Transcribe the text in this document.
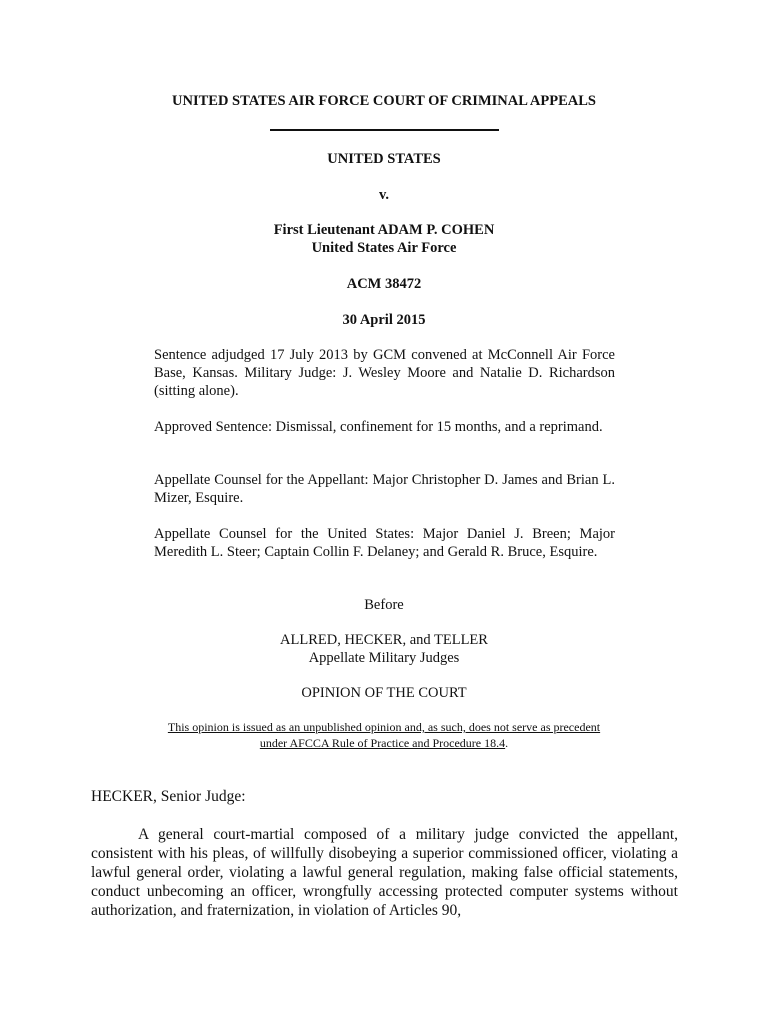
UNITED STATES AIR FORCE COURT OF CRIMINAL APPEALS
UNITED STATES
v.
First Lieutenant ADAM P. COHEN
United States Air Force
ACM 38472
30 April 2015
Sentence adjudged 17 July 2013 by GCM convened at McConnell Air Force Base, Kansas. Military Judge: J. Wesley Moore and Natalie D. Richardson (sitting alone).
Approved Sentence: Dismissal, confinement for 15 months, and a reprimand.
Appellate Counsel for the Appellant: Major Christopher D. James and Brian L. Mizer, Esquire.
Appellate Counsel for the United States: Major Daniel J. Breen; Major Meredith L. Steer; Captain Collin F. Delaney; and Gerald R. Bruce, Esquire.
Before
ALLRED, HECKER, and TELLER
Appellate Military Judges
OPINION OF THE COURT
This opinion is issued as an unpublished opinion and, as such, does not serve as precedent
under AFCCA Rule of Practice and Procedure 18.4.
HECKER, Senior Judge:
A general court-martial composed of a military judge convicted the appellant, consistent with his pleas, of willfully disobeying a superior commissioned officer, violating a lawful general order, violating a lawful general regulation, making false official statements, conduct unbecoming an officer, wrongfully accessing protected computer systems without authorization, and fraternization, in violation of Articles 90,
